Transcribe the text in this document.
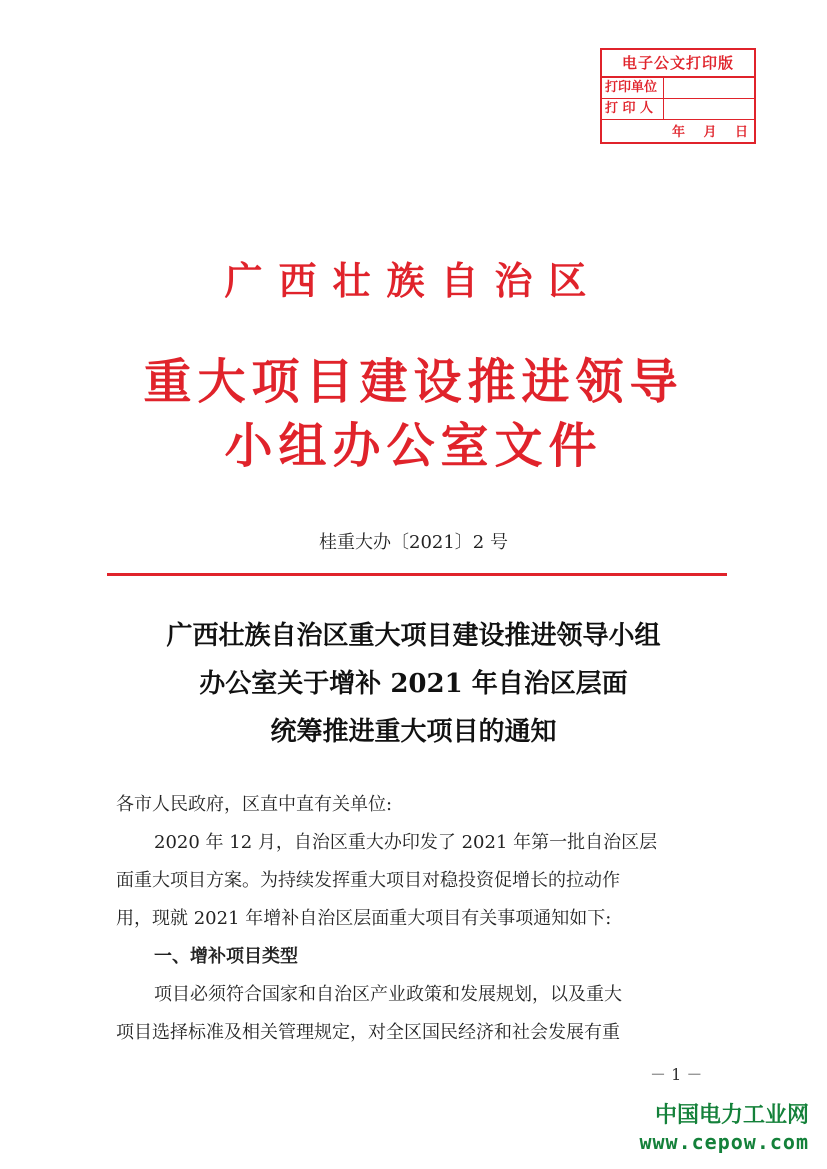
电子公文打印版
打印单位
打 印 人
年 月 日
广西壮族自治区
重大项目建设推进领导
小组办公室文件
桂重大办〔2021〕2 号
广西壮族自治区重大项目建设推进领导小组
办公室关于增补 2021 年自治区层面
统筹推进重大项目的通知

各市人民政府，区直中直有关单位:

2020 年 12 月，自治区重大办印发了 2021 年第一批自治区层

面重大项目方案。为持续发挥重大项目对稳投资促增长的拉动作

用，现就 2021 年增补自治区层面重大项目有关事项通知如下:

一、增补项目类型

项目必须符合国家和自治区产业政策和发展规划，以及重大

项目选择标准及相关管理规定，对全区国民经济和社会发展有重

－ 1 －
中国电力工业网
www.cepow.com
